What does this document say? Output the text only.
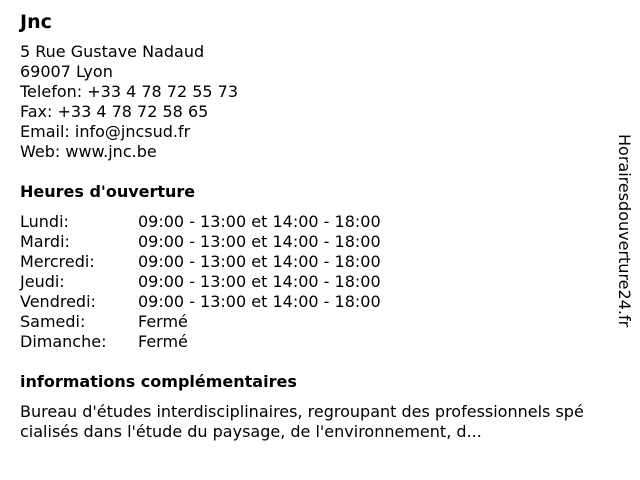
Jnc
5 Rue Gustave Nadaud
69007 Lyon
Telefon: +33 4 78 72 55 73
Fax: +33 4 78 72 58 65
Email: info@jncsud.fr
Web: www.jnc.be
Heures d'ouverture
Lundi:	09:00 - 13:00 et 14:00 - 18:00
Mardi:	09:00 - 13:00 et 14:00 - 18:00
Mercredi:	09:00 - 13:00 et 14:00 - 18:00
Jeudi:	09:00 - 13:00 et 14:00 - 18:00
Vendredi:	09:00 - 13:00 et 14:00 - 18:00
Samedi:	Fermé
Dimanche:	Fermé
informations complémentaires
Bureau d'études interdisciplinaires, regroupant des professionnels spécialisés dans l'étude du paysage, de l'environnement, d...
Horairesdouverture24.fr
